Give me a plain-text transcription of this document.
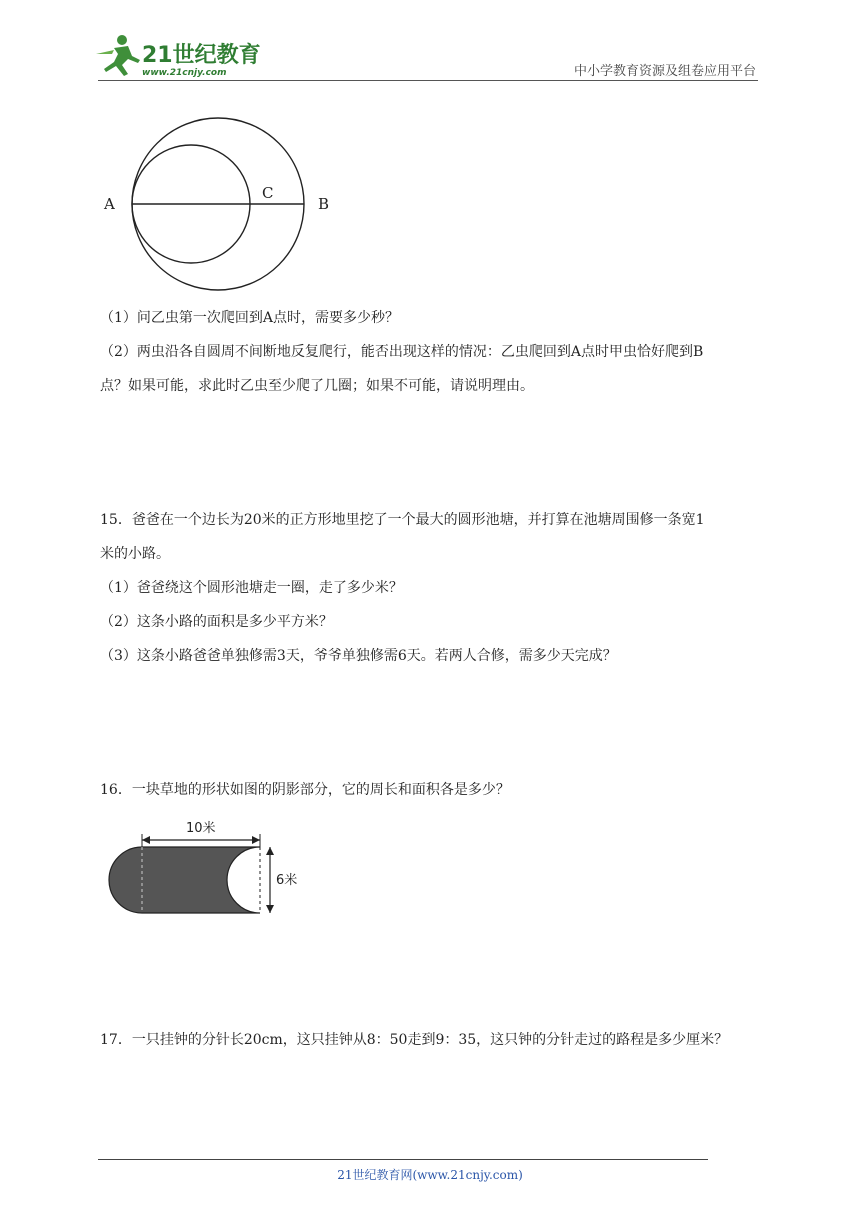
21世纪教育
www.21cnjy.com	中小学教育资源及组卷应用平台
A	B
C
（1）问乙虫第一次爬回到A点时，需要多少秒？
（2）两虫沿各自圆周不间断地反复爬行，能否出现这样的情况：乙虫爬回到A点时甲虫恰好爬到B
点？如果可能，求此时乙虫至少爬了几圈；如果不可能，请说明理由。
15．爸爸在一个边长为20米的正方形地里挖了一个最大的圆形池塘，并打算在池塘周围修一条宽1
米的小路。
（1）爸爸绕这个圆形池塘走一圈，走了多少米？
（2）这条小路的面积是多少平方米？
（3）这条小路爸爸单独修需3天，爷爷单独修需6天。若两人合修，需多少天完成？
16．一块草地的形状如图的阴影部分，它的周长和面积各是多少？
10米
6米
17．一只挂钟的分针长20cm，这只挂钟从8：50走到9：35，这只钟的分针走过的路程是多少厘米？
21世纪教育网(www.21cnjy.com)
